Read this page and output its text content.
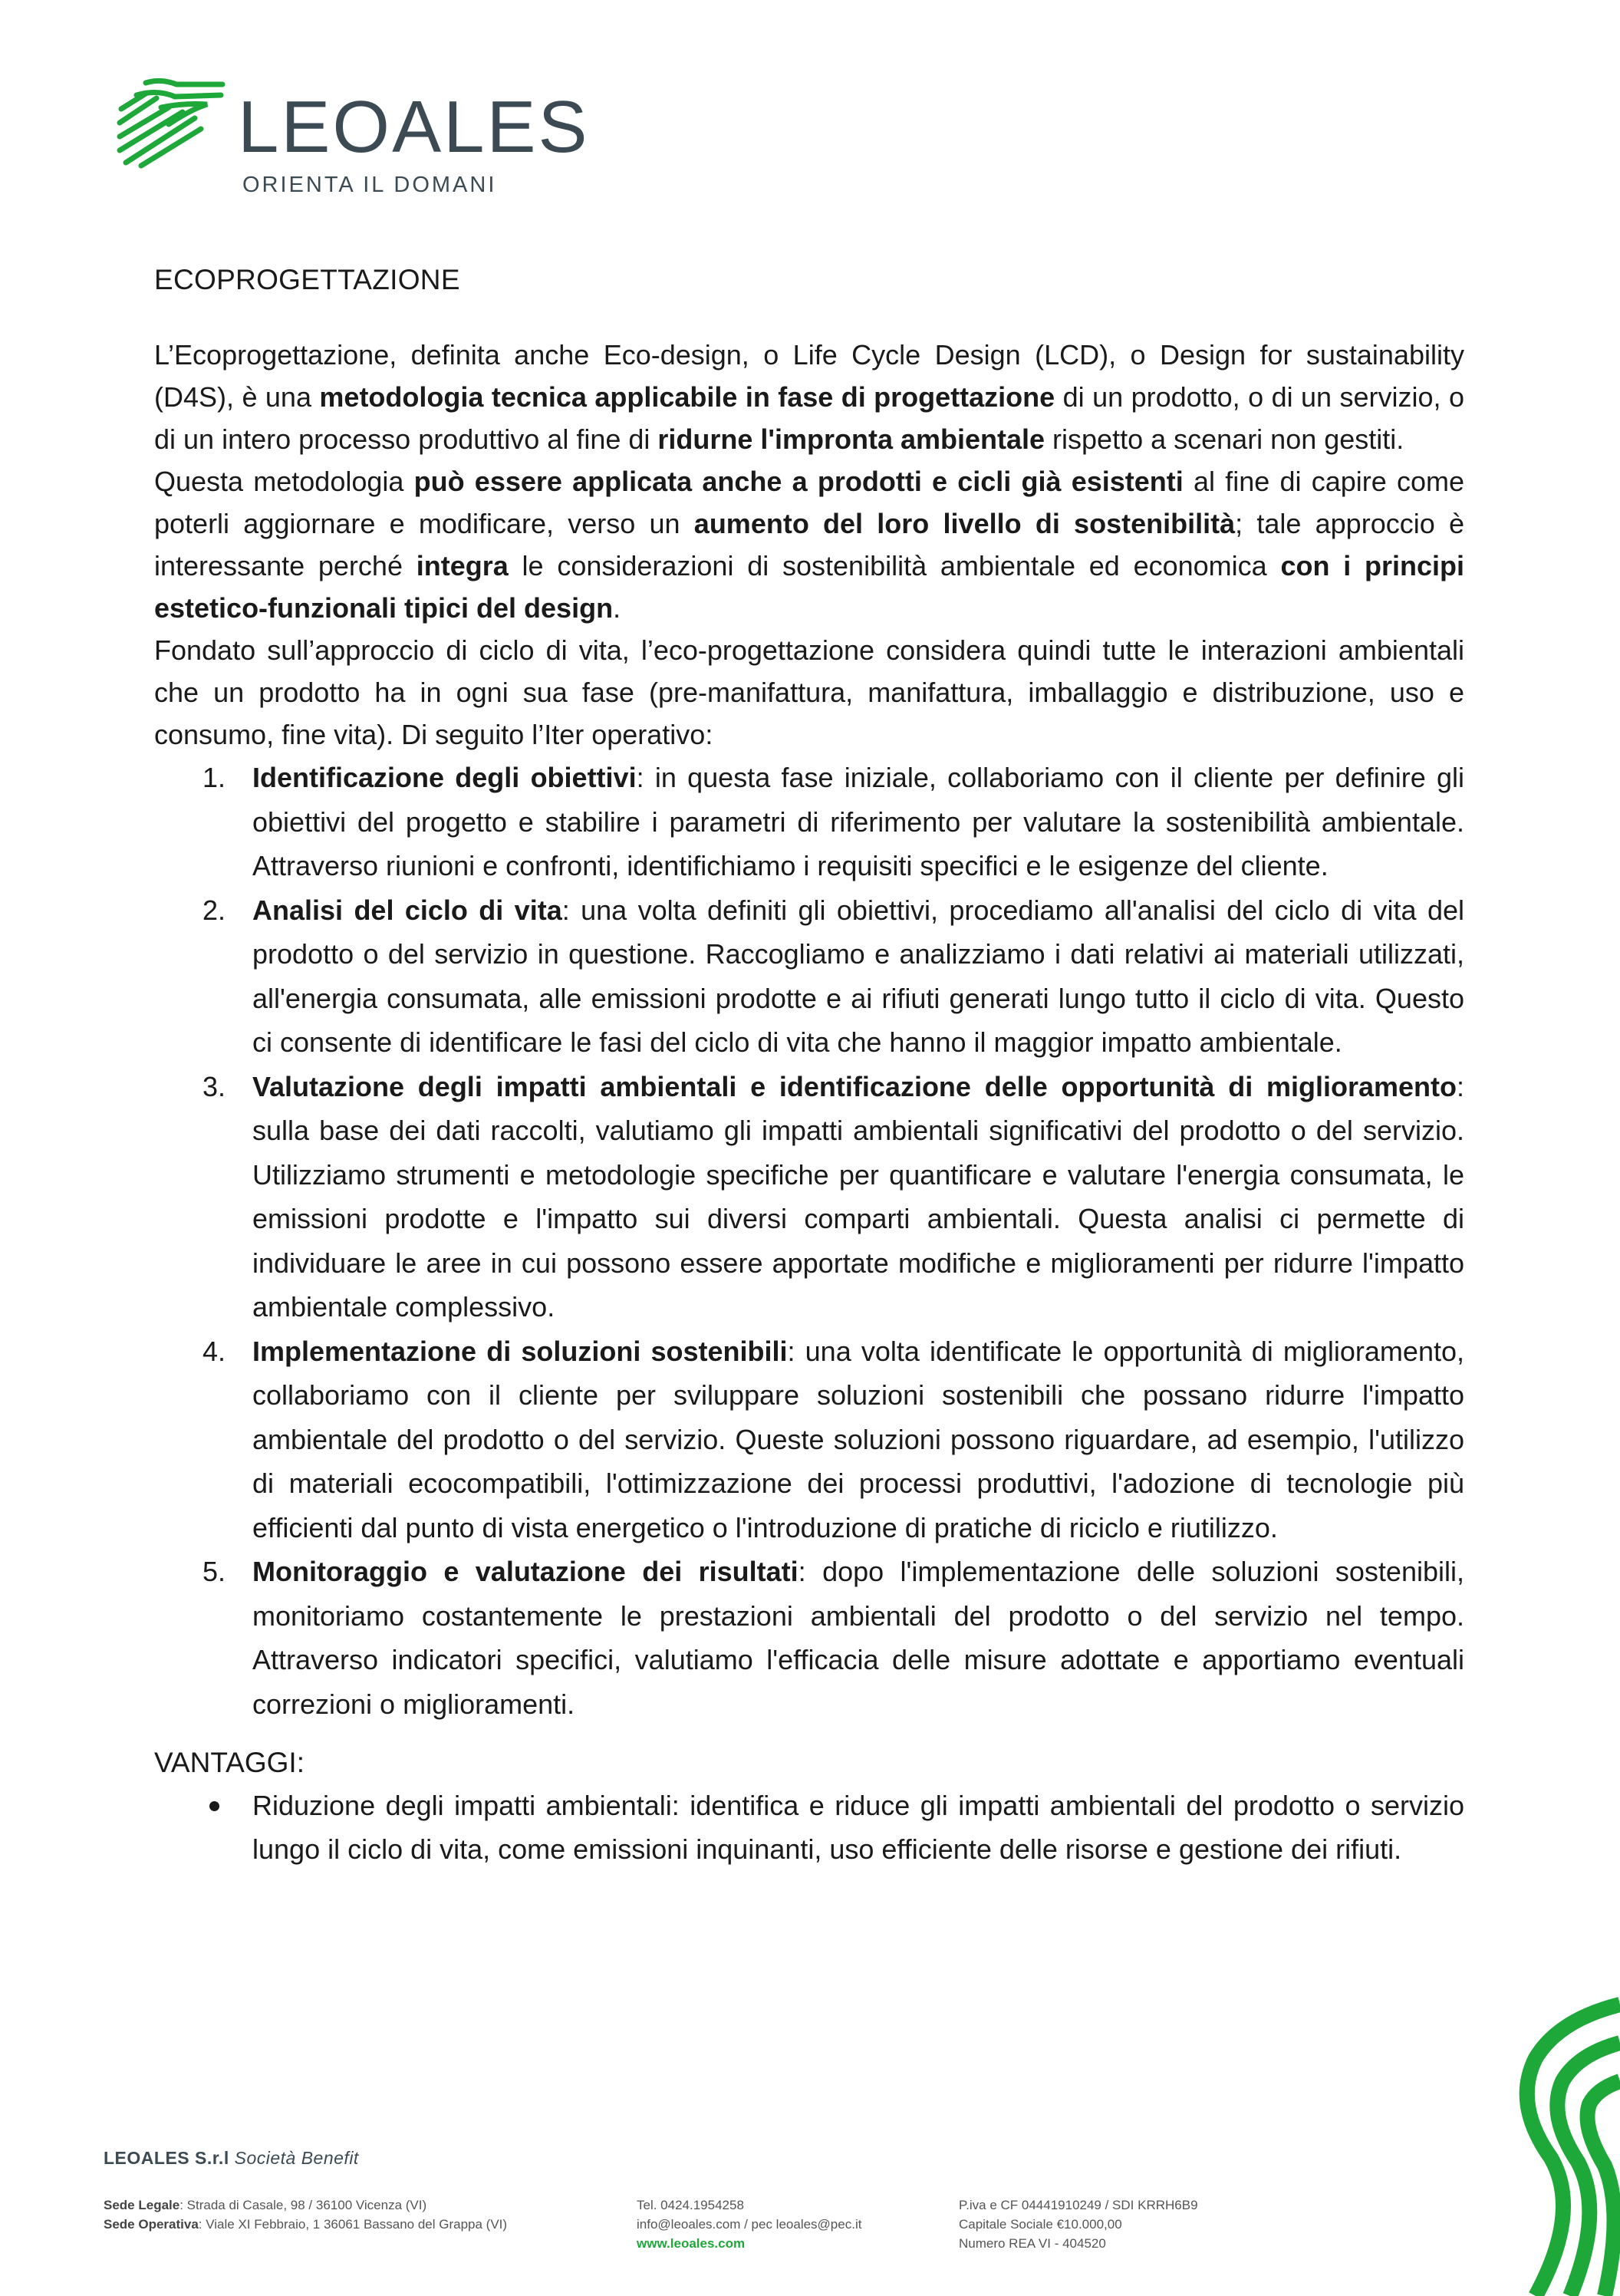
LEOALES
ORIENTA IL DOMANI
ECOPROGETTAZIONE

L’Ecoprogettazione, definita anche Eco-design, o Life Cycle Design (LCD), o Design for sustainability (D4S), è una metodologia tecnica applicabile in fase di progettazione di un prodotto, o di un servizio, o di un intero processo produttivo al fine di ridurne l'impronta ambientale rispetto a scenari non gestiti.

Questa metodologia può essere applicata anche a prodotti e cicli già esistenti al fine di capire come poterli aggiornare e modificare, verso un aumento del loro livello di sostenibilità; tale approccio è interessante perché integra le considerazioni di sostenibilità ambientale ed economica con i principi estetico-funzionali tipici del design.

Fondato sull’approccio di ciclo di vita, l’eco-progettazione considera quindi tutte le interazioni ambientali che un prodotto ha in ogni sua fase (pre-manifattura, manifattura, imballaggio e distribuzione, uso e consumo, fine vita). Di seguito l’Iter operativo:

1. Identificazione degli obiettivi: in questa fase iniziale, collaboriamo con il cliente per definire gli obiettivi del progetto e stabilire i parametri di riferimento per valutare la sostenibilità ambientale. Attraverso riunioni e confronti, identifichiamo i requisiti specifici e le esigenze del cliente.
2. Analisi del ciclo di vita: una volta definiti gli obiettivi, procediamo all'analisi del ciclo di vita del prodotto o del servizio in questione. Raccogliamo e analizziamo i dati relativi ai materiali utilizzati, all'energia consumata, alle emissioni prodotte e ai rifiuti generati lungo tutto il ciclo di vita. Questo ci consente di identificare le fasi del ciclo di vita che hanno il maggior impatto ambientale.
3. Valutazione degli impatti ambientali e identificazione delle opportunità di miglioramento: sulla base dei dati raccolti, valutiamo gli impatti ambientali significativi del prodotto o del servizio. Utilizziamo strumenti e metodologie specifiche per quantificare e valutare l'energia consumata, le emissioni prodotte e l'impatto sui diversi comparti ambientali. Questa analisi ci permette di individuare le aree in cui possono essere apportate modifiche e miglioramenti per ridurre l'impatto ambientale complessivo.
4. Implementazione di soluzioni sostenibili: una volta identificate le opportunità di miglioramento, collaboriamo con il cliente per sviluppare soluzioni sostenibili che possano ridurre l'impatto ambientale del prodotto o del servizio. Queste soluzioni possono riguardare, ad esempio, l'utilizzo di materiali ecocompatibili, l'ottimizzazione dei processi produttivi, l'adozione di tecnologie più efficienti dal punto di vista energetico o l'introduzione di pratiche di riciclo e riutilizzo.
5. Monitoraggio e valutazione dei risultati: dopo l'implementazione delle soluzioni sostenibili, monitoriamo costantemente le prestazioni ambientali del prodotto o del servizio nel tempo. Attraverso indicatori specifici, valutiamo l'efficacia delle misure adottate e apportiamo eventuali correzioni o miglioramenti.
VANTAGGI:
Riduzione degli impatti ambientali: identifica e riduce gli impatti ambientali del prodotto o servizio lungo il ciclo di vita, come emissioni inquinanti, uso efficiente delle risorse e gestione dei rifiuti.
LEOALES S.r.l Società Benefit
Sede Legale: Strada di Casale, 98 / 36100 Vicenza (VI)
Sede Operativa: Viale XI Febbraio, 1 36061 Bassano del Grappa (VI)
Tel. 0424.1954258
info@leoales.com / pec leoales@pec.it
www.leoales.com
P.iva e CF 04441910249 / SDI KRRH6B9
Capitale Sociale €10.000,00
Numero REA VI - 404520
